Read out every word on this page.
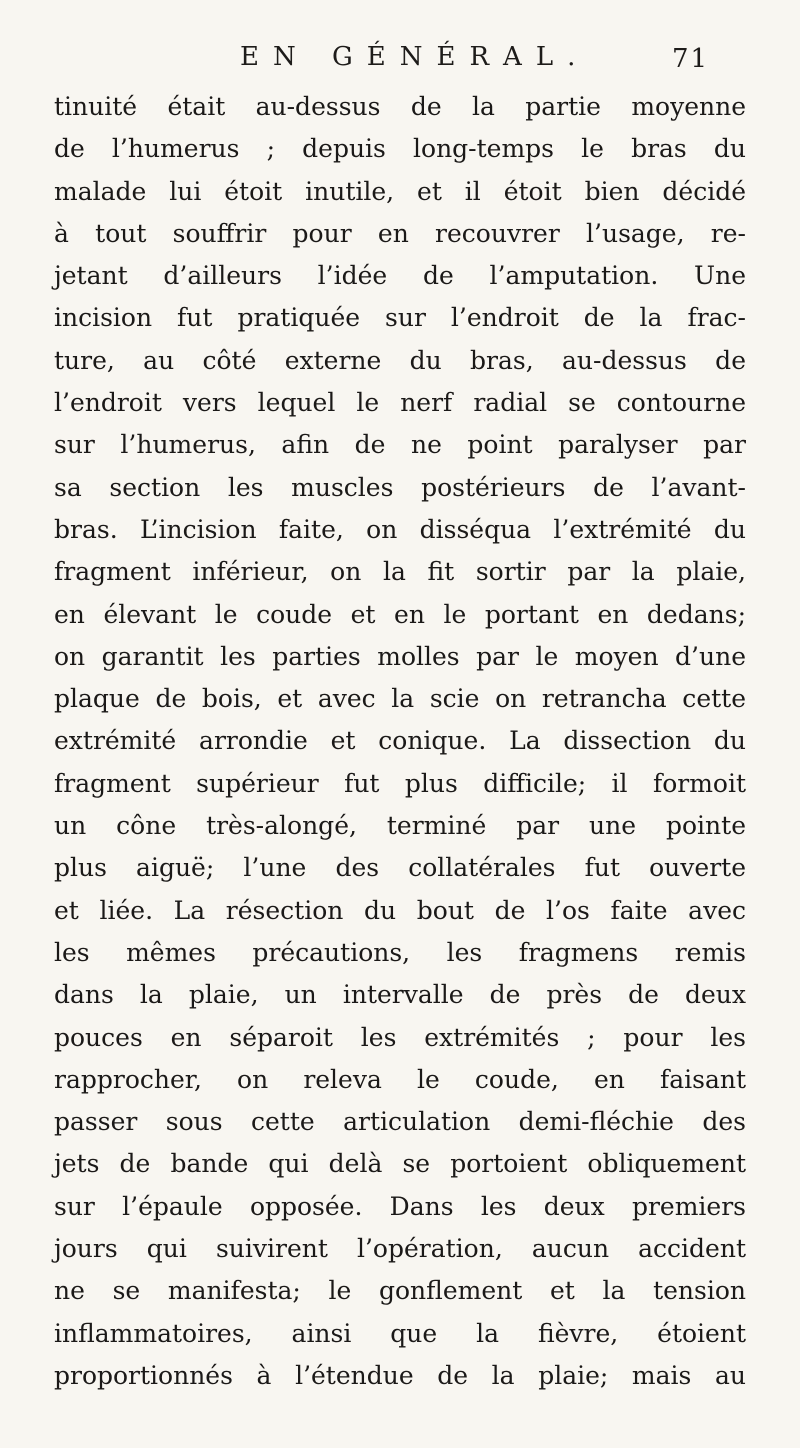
EN GÉNÉRAL.	71
tinuité était au-dessus de la partie moyenne
de l’humerus ; depuis long-temps le bras du
malade lui étoit inutile, et il étoit bien décidé
à tout souffrir pour en recouvrer l’usage, re-
jetant d’ailleurs l’idée de l’amputation. Une
incision fut pratiquée sur l’endroit de la frac-
ture, au côté externe du bras, au-dessus de
l’endroit vers lequel le nerf radial se contourne
sur l’humerus, afin de ne point paralyser par
sa section les muscles postérieurs de l’avant-
bras. L’incision faite, on disséqua l’extrémité du
fragment inférieur, on la fit sortir par la plaie,
en élevant le coude et en le portant en dedans;
on garantit les parties molles par le moyen d’une
plaque de bois, et avec la scie on retrancha cette
extrémité arrondie et conique. La dissection du
fragment supérieur fut plus difficile; il formoit
un cône très-alongé, terminé par une pointe
plus aiguë; l’une des collatérales fut ouverte
et liée. La résection du bout de l’os faite avec
les mêmes précautions, les fragmens remis
dans la plaie, un intervalle de près de deux
pouces en séparoit les extrémités ; pour les
rapprocher, on releva le coude, en faisant
passer sous cette articulation demi-fléchie des
jets de bande qui delà se portoient obliquement
sur l’épaule opposée. Dans les deux premiers
jours qui suivirent l’opération, aucun accident
ne se manifesta; le gonflement et la tension
inflammatoires, ainsi que la fièvre, étoient
proportionnés à l’étendue de la plaie; mais au
